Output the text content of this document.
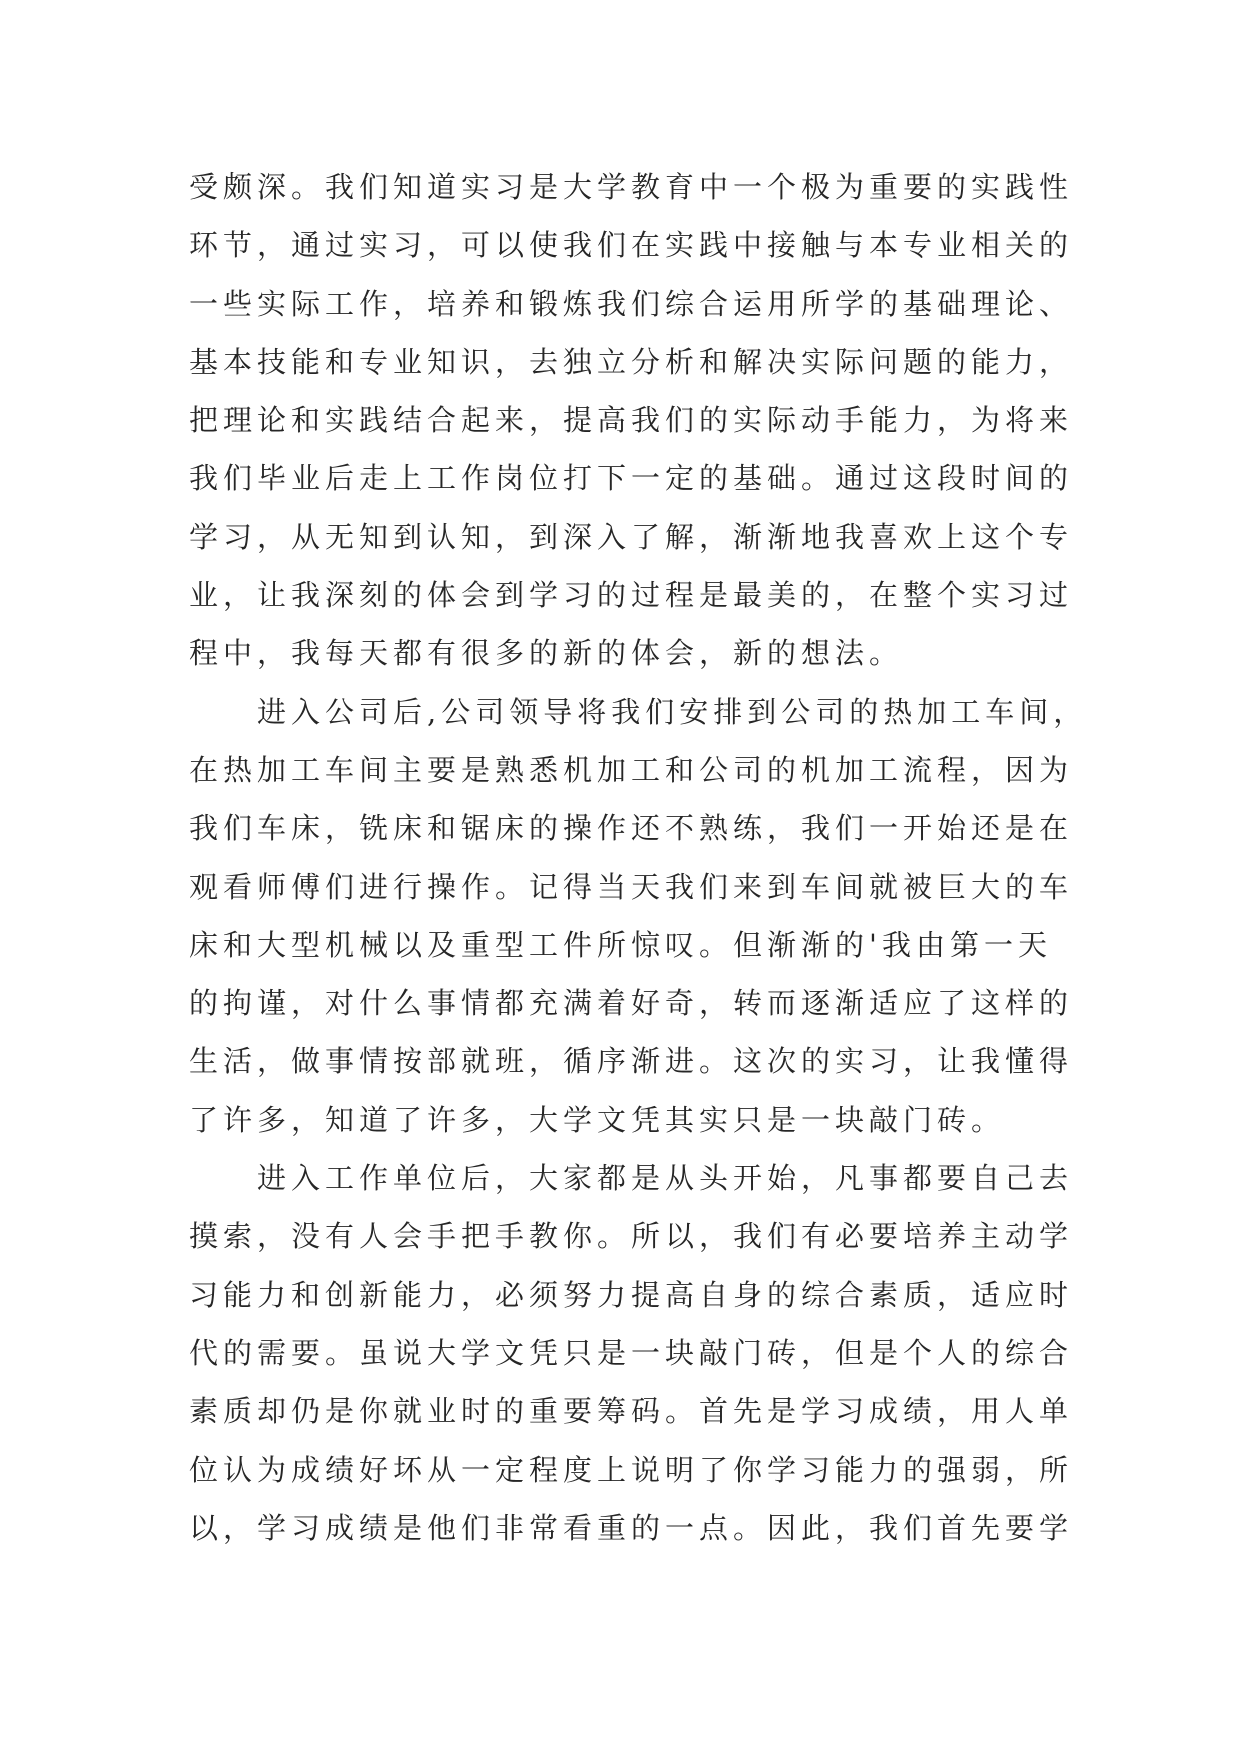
受颇深。我们知道实习是大学教育中一个极为重要的实践性
环节，通过实习，可以使我们在实践中接触与本专业相关的
一些实际工作，培养和锻炼我们综合运用所学的基础理论、
基本技能和专业知识，去独立分析和解决实际问题的能力，
把理论和实践结合起来，提高我们的实际动手能力，为将来
我们毕业后走上工作岗位打下一定的基础。通过这段时间的
学习，从无知到认知，到深入了解，渐渐地我喜欢上这个专
业，让我深刻的体会到学习的过程是最美的，在整个实习过
程中，我每天都有很多的新的体会，新的想法。
进入公司后,公司领导将我们安排到公司的热加工车间，
在热加工车间主要是熟悉机加工和公司的机加工流程，因为
我们车床，铣床和锯床的操作还不熟练，我们一开始还是在
观看师傅们进行操作。记得当天我们来到车间就被巨大的车
床和大型机械以及重型工件所惊叹。但渐渐的'我由第一天
的拘谨，对什么事情都充满着好奇，转而逐渐适应了这样的
生活，做事情按部就班，循序渐进。这次的实习，让我懂得
了许多，知道了许多，大学文凭其实只是一块敲门砖。
进入工作单位后，大家都是从头开始，凡事都要自己去
摸索，没有人会手把手教你。所以，我们有必要培养主动学
习能力和创新能力，必须努力提高自身的综合素质，适应时
代的需要。虽说大学文凭只是一块敲门砖，但是个人的综合
素质却仍是你就业时的重要筹码。首先是学习成绩，用人单
位认为成绩好坏从一定程度上说明了你学习能力的强弱，所
以，学习成绩是他们非常看重的一点。因此，我们首先要学
